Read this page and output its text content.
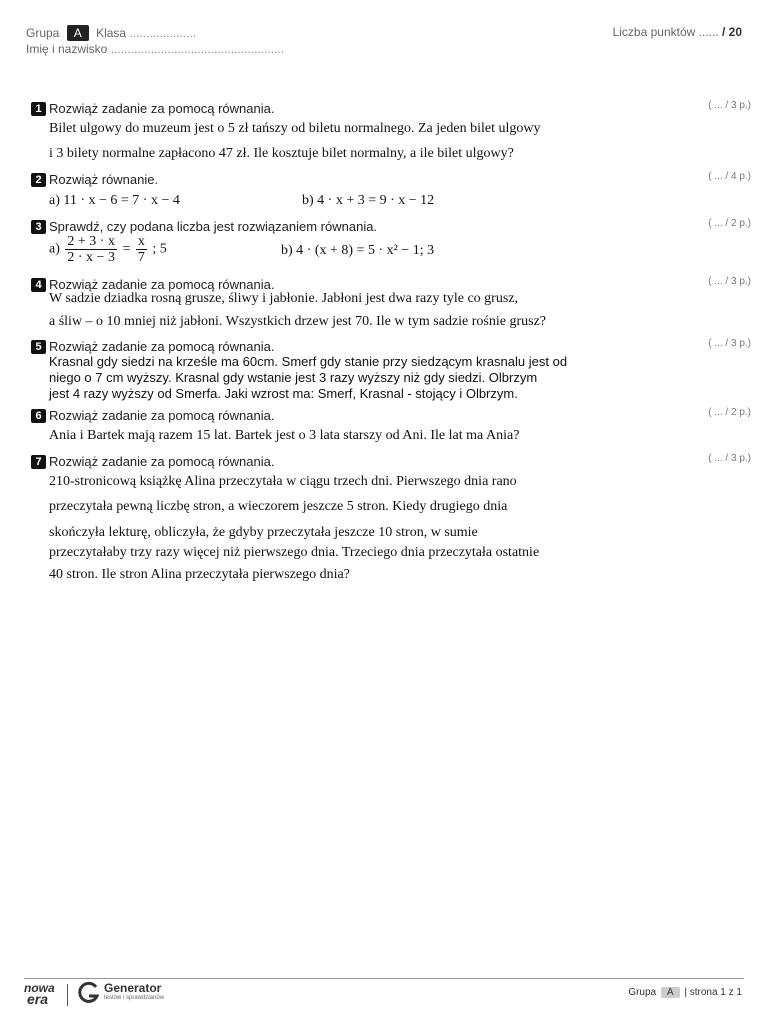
Grupa A Klasa ....................
Imię i nazwisko ....................................................
Liczba punktów ...... / 20
1 Rozwiąż zadanie za pomocą równania.	( ... / 3 p.)
Bilet ulgowy do muzeum jest o 5 zł tańszy od biletu normalnego. Za jeden bilet ulgowy
i 3 bilety normalne zapłacono 47 zł. Ile kosztuje bilet normalny, a ile bilet ulgowy?
2 Rozwiąż równanie.	( ... / 4 p.)
a) 11 · x − 6 = 7 · x − 4	b) 4 · x + 3 = 9 · x − 12
3 Sprawdź, czy podana liczba jest rozwiązaniem równania.	( ... / 2 p.)
$a) \frac{2 + 3 \cdot x}{2 \cdot x - 3} = \frac{x}{7}$ ; 5	b) 4 · (x + 8) = 5 · x² − 1; 3
4 Rozwiąż zadanie za pomocą równania.	( ... / 3 p.)
W sadzie dziadka rosną grusze, śliwy i jabłonie. Jabłoni jest dwa razy tyle co grusz,
a śliw – o 10 mniej niż jabłoni. Wszystkich drzew jest 70. Ile w tym sadzie rośnie grusz?
5 Rozwiąż zadanie za pomocą równania.	( ... / 3 p.)
Krasnal gdy siedzi na krześle ma 60cm. Smerf gdy stanie przy siedzącym krasnalu jest od
niego o 7 cm wyższy. Krasnal gdy wstanie jest 3 razy wyższy niż gdy siedzi. Olbrzym
jest 4 razy wyższy od Smerfa. Jaki wzrost ma: Smerf, Krasnal - stojący i Olbrzym.
6 Rozwiąż zadanie za pomocą równania.	( ... / 2 p.)
Ania i Bartek mają razem 15 lat. Bartek jest o 3 lata starszy od Ani. Ile lat ma Ania?
7 Rozwiąż zadanie za pomocą równania.	( ... / 3 p.)
210-stronicową książkę Alina przeczytała w ciągu trzech dni. Pierwszego dnia rano
przeczytała pewną liczbę stron, a wieczorem jeszcze 5 stron. Kiedy drugiego dnia
skończyła lekturę, obliczyła, że gdyby przeczytała jeszcze 10 stron, w sumie
przeczytałaby trzy razy więcej niż pierwszego dnia. Trzeciego dnia przeczytała ostatnie
40 stron. Ile stron Alina przeczytała pierwszego dnia?
nowa
era
Generator
testów i sprawdzianów	Grupa A | strona 1 z 1
